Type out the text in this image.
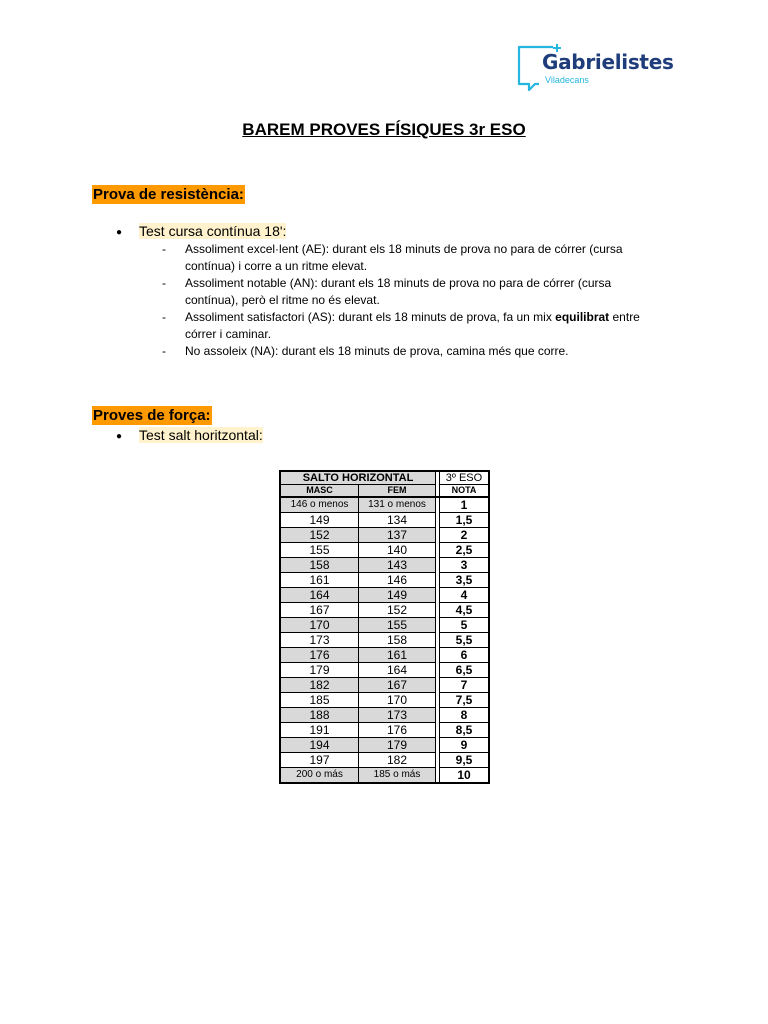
Gabrielistes
Viladecans
BAREM PROVES FÍSIQUES 3r ESO
Prova de resistència:
● Test cursa contínua 18':
- Assoliment excel·lent (AE): durant els 18 minuts de prova no para de córrer (cursa
contínua) i corre a un ritme elevat.
- Assoliment notable (AN): durant els 18 minuts de prova no para de córrer (cursa
contínua), però el ritme no és elevat.
- Assoliment satisfactori (AS): durant els 18 minuts de prova, fa un mix equilibrat entre
córrer i caminar.
- No assoleix (NA): durant els 18 minuts de prova, camina més que corre.
Proves de força:
● Test salt horitzontal:
SALTO HORIZONTAL			3º ESO
MASC	FEM		NOTA
146 o menos	131 o menos		1
149	134		1,5
152	137		2
155	140		2,5
158	143		3
161	146		3,5
164	149		4
167	152		4,5
170	155		5
173	158		5,5
176	161		6
179	164		6,5
182	167		7
185	170		7,5
188	173		8
191	176		8,5
194	179		9
197	182		9,5
200 o más	185 o más		10
